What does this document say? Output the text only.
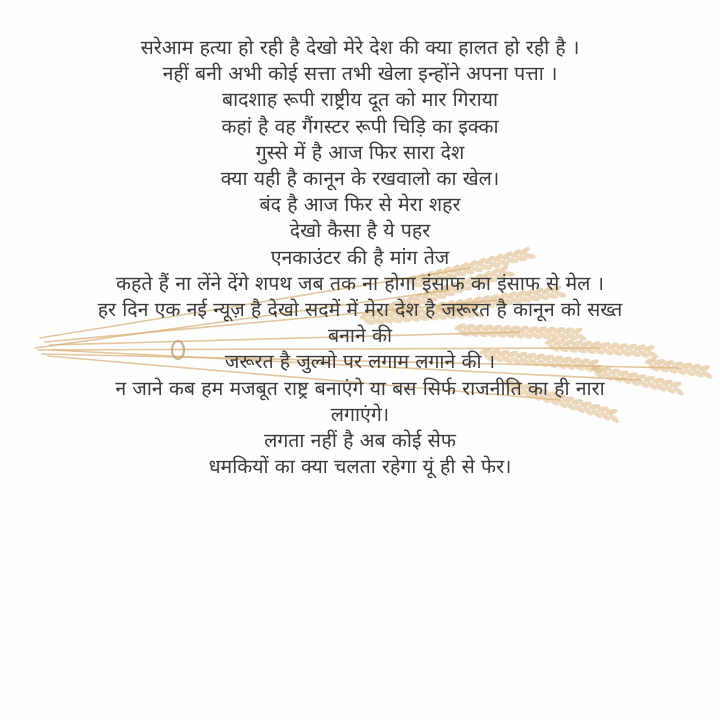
सरेआम हत्या हो रही है देखो मेरे देश की क्या हालत हो रही है ।
नहीं बनी अभी कोई सत्ता तभी खेला इन्होंने अपना पत्ता ।
बादशाह रूपी राष्ट्रीय दूत को मार गिराया
कहां है वह गैंगस्टर रूपी चिड़ि का इक्का
गुस्से में है आज फिर सारा देश
क्या यही है कानून के रखवालो का खेल।
बंद है आज फिर से मेरा शहर
देखो कैसा है ये पहर
एनकाउंटर की है मांग तेज
कहते हैं ना लेंने देंगे शपथ जब तक ना होगा इंसाफ का इंसाफ से मेल ।
हर दिन एक नई न्यूज़ है देखो सदमें में मेरा देश है जरूरत है कानून को सख्त
बनाने की
जरूरत है जुल्मो पर लगाम लगाने की ।
न जाने कब हम मजबूत राष्ट्र बनाएंगे या बस सिर्फ राजनीति का ही नारा
लगाएंगे।
लगता नहीं है अब कोई सेफ
धमकियों का क्या चलता रहेगा यूं ही से फेर।
